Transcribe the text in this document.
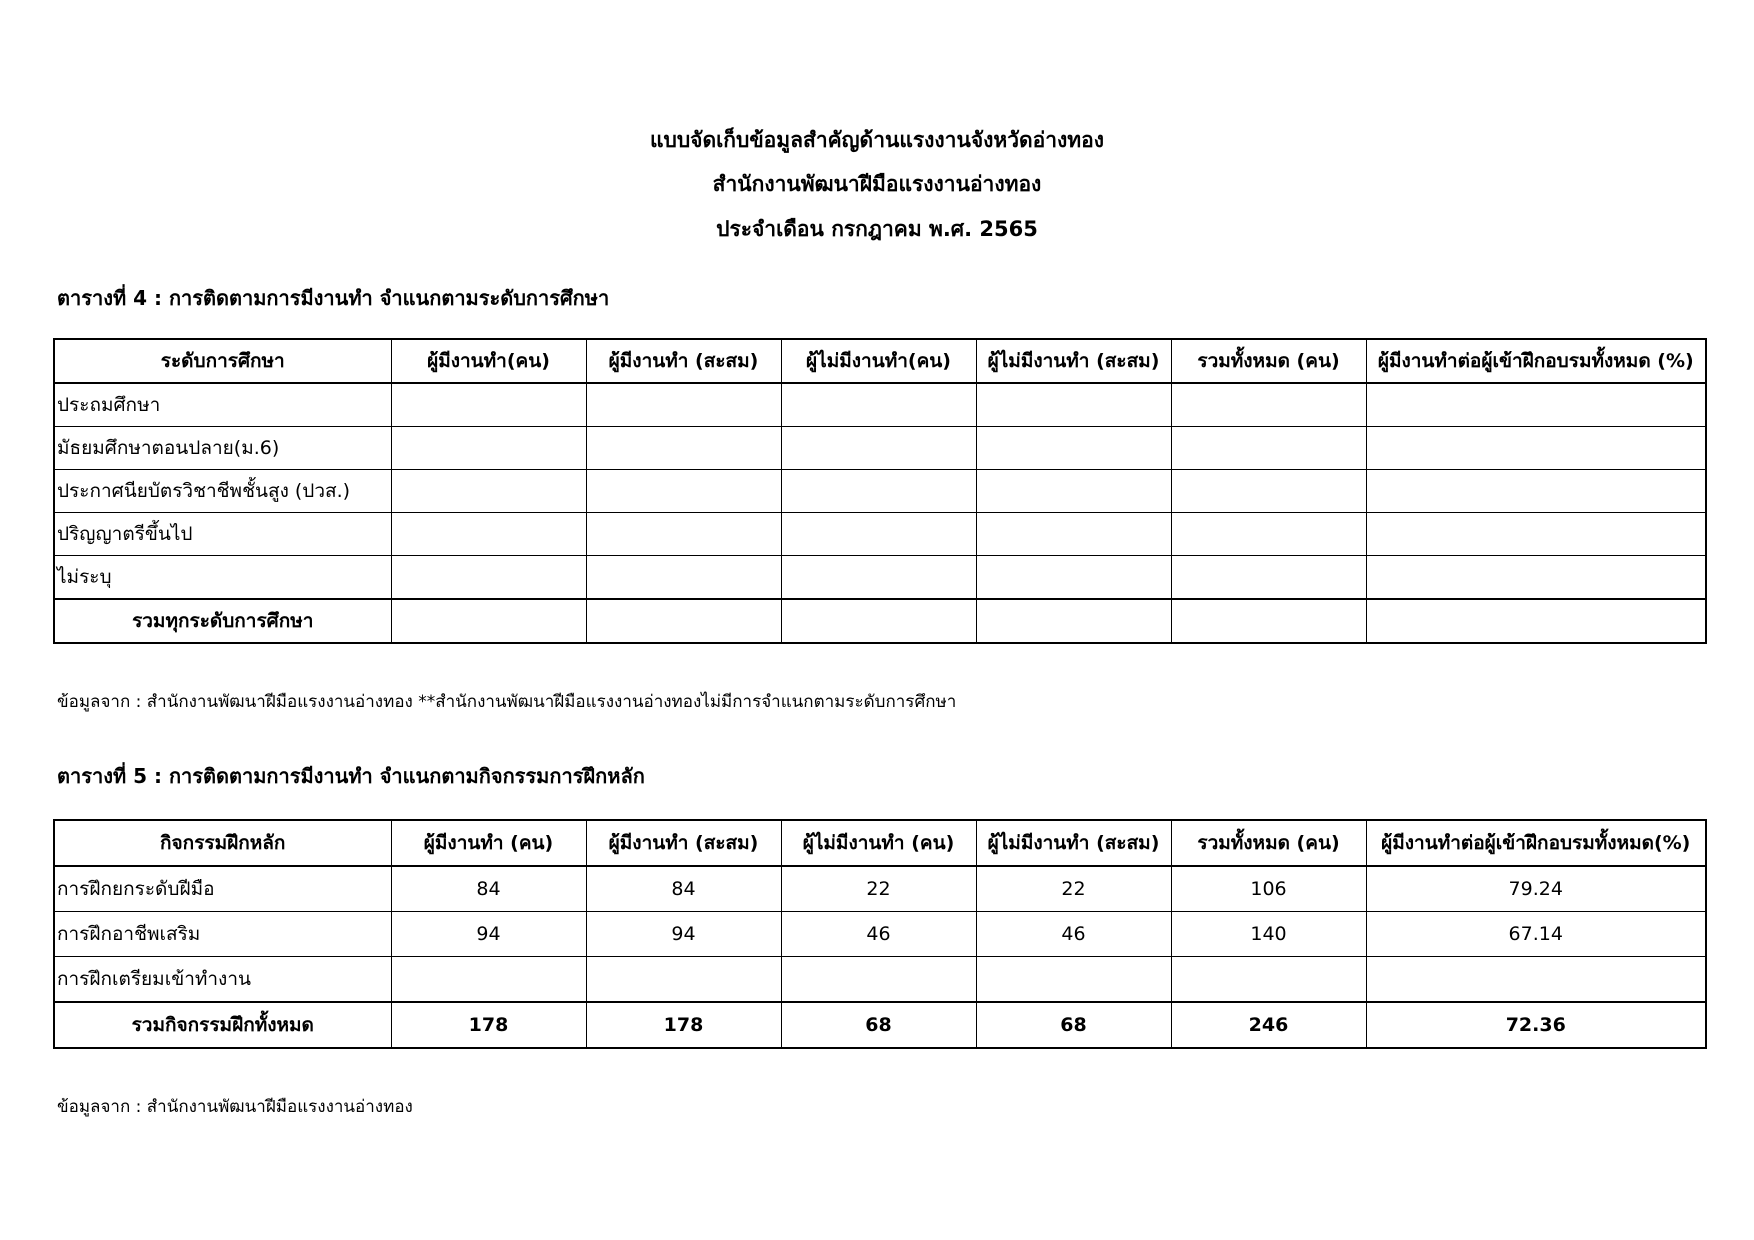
แบบจัดเก็บข้อมูลสำคัญด้านแรงงานจังหวัดอ่างทอง
สำนักงานพัฒนาฝีมือแรงงานอ่างทอง
ประจำเดือน กรกฎาคม พ.ศ. 2565
ตารางที่ 4 : การติดตามการมีงานทำ จำแนกตามระดับการศึกษา
ระดับการศึกษา	ผู้มีงานทำ(คน)	ผู้มีงานทำ (สะสม)	ผู้ไม่มีงานทำ(คน)	ผู้ไม่มีงานทำ (สะสม)	รวมทั้งหมด (คน)	ผู้มีงานทำต่อผู้เข้าฝึกอบรมทั้งหมด (%)
ประถมศึกษา						
มัธยมศึกษาตอนปลาย(ม.6)						
ประกาศนียบัตรวิชาชีพชั้นสูง (ปวส.)						
ปริญญาตรีขึ้นไป						
ไม่ระบุ						
รวมทุกระดับการศึกษา						
ข้อมูลจาก : สำนักงานพัฒนาฝีมือแรงงานอ่างทอง **สำนักงานพัฒนาฝีมือแรงงานอ่างทองไม่มีการจำแนกตามระดับการศึกษา
ตารางที่ 5 : การติดตามการมีงานทำ จำแนกตามกิจกรรมการฝึกหลัก
กิจกรรมฝึกหลัก	ผู้มีงานทำ (คน)	ผู้มีงานทำ (สะสม)	ผู้ไม่มีงานทำ (คน)	ผู้ไม่มีงานทำ (สะสม)	รวมทั้งหมด (คน)	ผู้มีงานทำต่อผู้เข้าฝึกอบรมทั้งหมด(%)
การฝึกยกระดับฝีมือ	84	84	22	22	106	79.24
การฝึกอาชีพเสริม	94	94	46	46	140	67.14
การฝึกเตรียมเข้าทำงาน						
รวมกิจกรรมฝึกทั้งหมด	178	178	68	68	246	72.36
ข้อมูลจาก : สำนักงานพัฒนาฝีมือแรงงานอ่างทอง
